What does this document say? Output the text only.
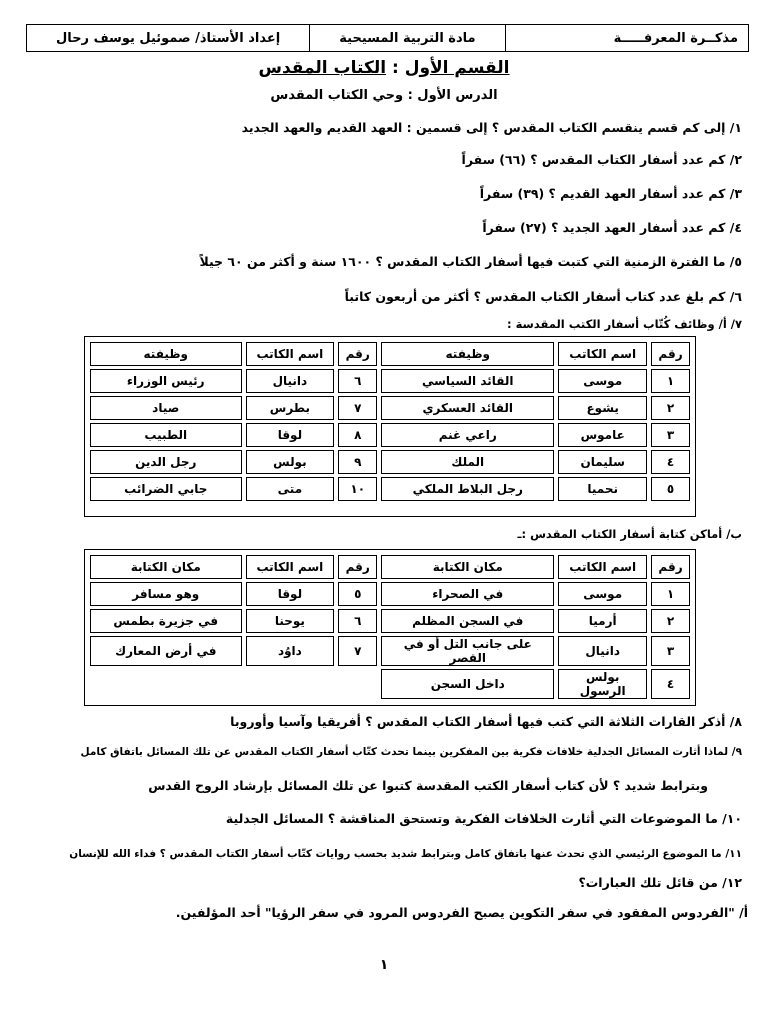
مذكــرة المعرفـــــة
مادة التربية المسيحية
إعداد الأستاذ/ صموئيل يوسف رحال
القسم الأول : الكتاب المقدس
الدرس الأول : وحي الكتاب المقدس
١/ إلى كم قسم ينقسم الكتاب المقدس ؟ إلى قسمين : العهد القديم والعهد الجديد
٢/ كم عدد أسفار الكتاب المقدس ؟ (٦٦) سفراً
٣/ كم عدد أسفار العهد القديم ؟ (٣٩) سفراً
٤/ كم عدد أسفار العهد الجديد ؟ (٢٧) سفراً
٥/ ما الفترة الزمنية التي كتبت فيها أسفار الكتاب المقدس ؟ ١٦٠٠ سنة و أكثر من ٦٠ جيلاً
٦/ كم بلغ عدد كتاب أسفار الكتاب المقدس ؟ أكثر من أربعون كاتباً
٧/ أ/ وظائف كُتّاب أسفار الكتب المقدسة :
رقم	اسم الكاتب	وظيفته	رقم	اسم الكاتب	وظيفته
١	موسى	القائد السياسي	٦	دانيال	رئيس الوزراء
٢	يشوع	القائد العسكري	٧	بطرس	صياد
٣	عاموس	راعي غنم	٨	لوقا	الطبيب
٤	سليمان	الملك	٩	بولس	رجل الدين
٥	نحميا	رجل البلاط الملكي	١٠	متى	جابي الضرائب
ب/ أماكن كتابة أسفار الكتاب المقدس :ـ
رقم	اسم الكاتب	مكان الكتابة	رقم	اسم الكاتب	مكان الكتابة
١	موسى	في الصحراء	٥	لوقا	وهو مسافر
٢	أرميا	في السجن المظلم	٦	يوحنا	في جزيرة بطمس
٣	دانيال	على جانب التل أو في القصر	٧	داوُد	في أرض المعارك
٤	بولس الرسول	داخل السجن			
٨/ أذكر القارات الثلاثة التي كتب فيها أسفار الكتاب المقدس ؟ أفريقيا وآسيا وأوروبا
٩/ لماذا أثارت المسائل الجدلية خلافات فكرية بين المفكرين بينما تحدث كتّاب أسفار الكتاب المقدس عن تلك المسائل باتفاق كامل
وبترابط شديد ؟ لأن كتاب أسفار الكتب المقدسة كتبوا عن تلك المسائل بإرشاد الروح القدس
١٠/ ما الموضوعات التي أثارت الخلافات الفكرية وتستحق المناقشة ؟ المسائل الجدلية
١١/ ما الموضوع الرئيسي الذي تحدث عنها باتفاق كامل وبترابط شديد بحسب روايات كتّاب أسفار الكتاب المقدس ؟ فداء الله للإنسان
١٢/ من قائل تلك العبارات؟
أ/ "الفردوس المفقود في سفر التكوين يصبح الفردوس المرود في سفر الرؤيا" أحد المؤلفين.
١
